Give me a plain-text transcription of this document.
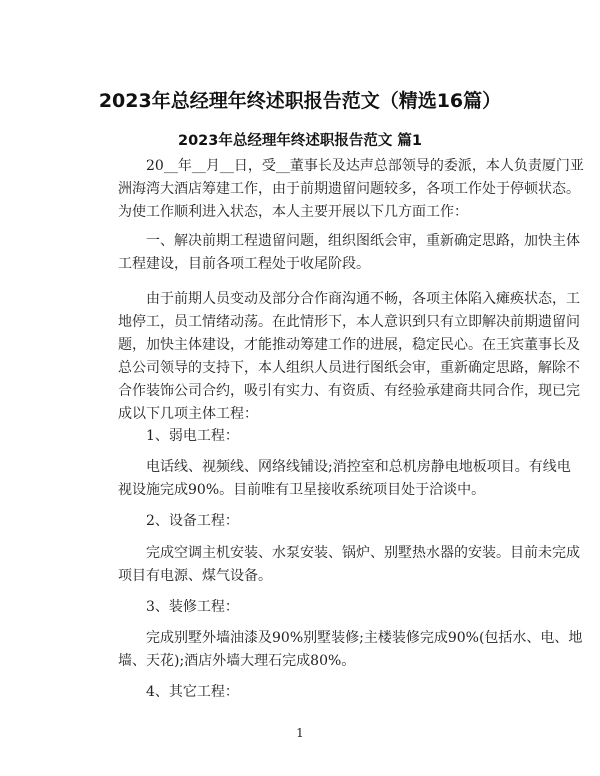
2023年总经理年终述职报告范文（精选16篇）
2023年总经理年终述职报告范文 篇1
20__年__月__日，受__董事长及达声总部领导的委派，本人负责厦门亚
洲海湾大酒店筹建工作，由于前期遗留问题较多，各项工作处于停顿状态。
为使工作顺利进入状态，本人主要开展以下几方面工作：
一、解决前期工程遗留问题，组织图纸会审，重新确定思路，加快主体
工程建设，目前各项工程处于收尾阶段。
由于前期人员变动及部分合作商沟通不畅，各项主体陷入瘫痪状态，工
地停工，员工情绪动荡。在此情形下，本人意识到只有立即解决前期遗留问
题，加快主体建设，才能推动筹建工作的进展，稳定民心。在王宾董事长及
总公司领导的支持下，本人组织人员进行图纸会审，重新确定思路，解除不
合作装饰公司合约，吸引有实力、有资质、有经验承建商共同合作，现已完
成以下几项主体工程：
1、弱电工程：
电话线、视频线、网络线铺设;消控室和总机房静电地板项目。有线电
视设施完成90%。目前唯有卫星接收系统项目处于洽谈中。
2、设备工程：
完成空调主机安装、水泵安装、锅炉、别墅热水器的安装。目前未完成
项目有电源、煤气设备。
3、装修工程：
完成别墅外墙油漆及90%别墅装修;主楼装修完成90%(包括水、电、地
墙、天花);酒店外墙大理石完成80%。
4、其它工程：
1
